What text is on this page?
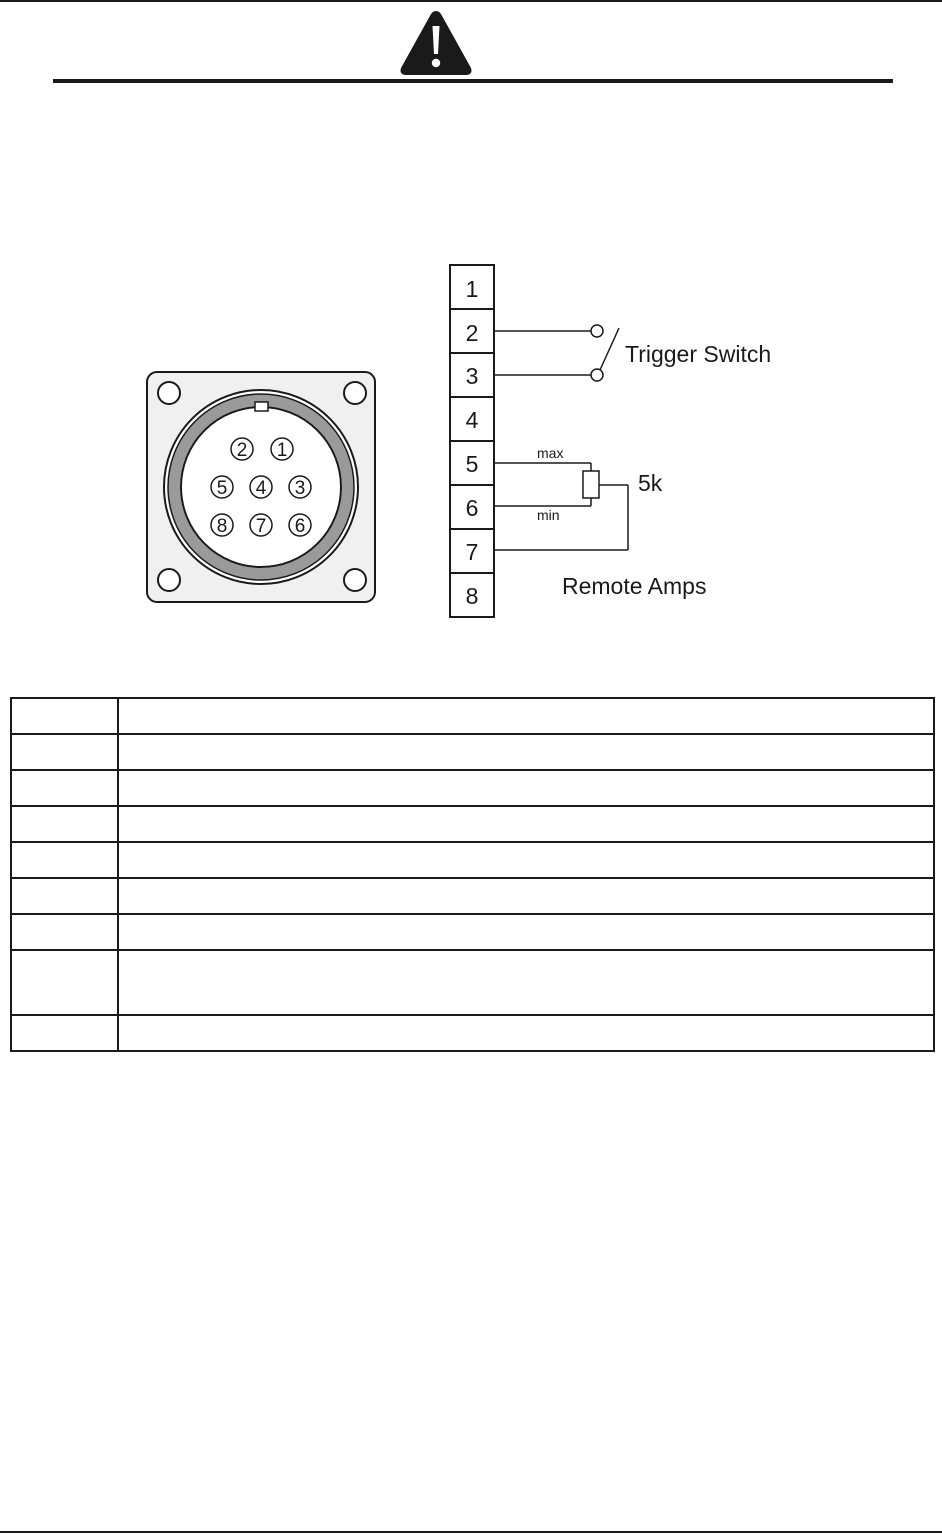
2 1
5 4 3
8 7 6
1
2
3
4
5
6
7
8
Trigger Switch
max
min
5k
Remote Amps
